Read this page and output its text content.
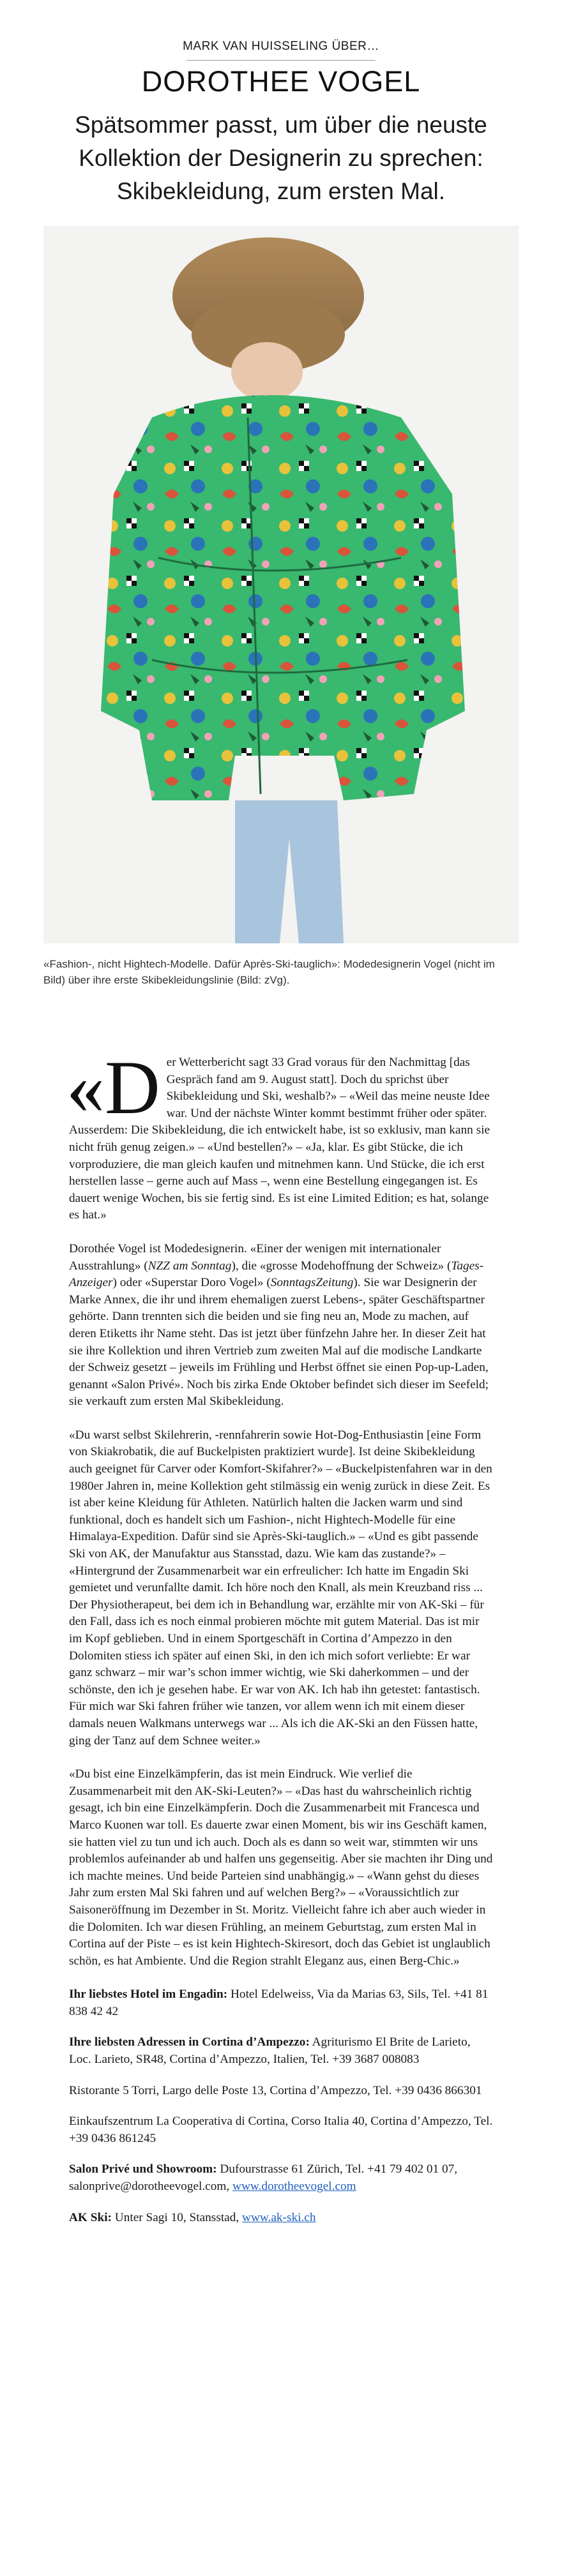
MARK VAN HUISSELING ÜBER…
DOROTHEE VOGEL
Spätsommer passt, um über die neuste Kollektion der Designerin zu sprechen: Skibekleidung, zum ersten Mal.
«Fashion-, nicht Hightech-Modelle. Dafür Après-Ski-tauglich»: Modedesignerin Vogel (nicht im Bild) über ihre erste Skibekleidungslinie (Bild: zVg).

«Der Wetterbericht sagt 33 Grad voraus für den Nachmittag [das Gespräch fand am 9. August statt]. Doch du sprichst über Skibekleidung und Ski, weshalb?» – «Weil das meine neuste Idee war. Und der nächste Winter kommt bestimmt früher oder später. Ausserdem: Die Skibekleidung, die ich entwickelt habe, ist so exklusiv, man kann sie nicht früh genug zeigen.» – «Und bestellen?» – «Ja, klar. Es gibt Stücke, die ich vorproduziere, die man gleich kaufen und mitnehmen kann. Und Stücke, die ich erst herstellen lasse – gerne auch auf Mass –, wenn eine Bestellung eingegangen ist. Es dauert wenige Wochen, bis sie fertig sind. Es ist eine Limited Edition; es hat, solange es hat.»

Dorothée Vogel ist Modedesignerin. «Einer der wenigen mit internationaler Ausstrahlung» (NZZ am Sonntag), die «grosse Modehoffnung der Schweiz» (Tages-Anzeiger) oder «Superstar Doro Vogel» (SonntagsZeitung). Sie war Designerin der Marke Annex, die ihr und ihrem ehemaligen zuerst Lebens-, später Geschäftspartner gehörte. Dann trennten sich die beiden und sie fing neu an, Mode zu machen, auf deren Etiketts ihr Name steht. Das ist jetzt über fünfzehn Jahre her. In dieser Zeit hat sie ihre Kollektion und ihren Vertrieb zum zweiten Mal auf die modische Landkarte der Schweiz gesetzt – jeweils im Frühling und Herbst öffnet sie einen Pop-up-Laden, genannt «Salon Privé». Noch bis zirka Ende Oktober befindet sich dieser im Seefeld; sie verkauft zum ersten Mal Skibekleidung.

«Du warst selbst Skilehrerin, -rennfahrerin sowie Hot-Dog-Enthusiastin [eine Form von Skiakrobatik, die auf Buckelpisten praktiziert wurde]. Ist deine Skibekleidung auch geeignet für Carver oder Komfort-Skifahrer?» – «Buckelpistenfahren war in den 1980er Jahren in, meine Kollektion geht stilmässig ein wenig zurück in diese Zeit. Es ist aber keine Kleidung für Athleten. Natürlich halten die Jacken warm und sind funktional, doch es handelt sich um Fashion-, nicht Hightech-Modelle für eine Himalaya-Expedition. Dafür sind sie Après-Ski-tauglich.» – «Und es gibt passende Ski von AK, der Manufaktur aus Stansstad, dazu. Wie kam das zustande?» – «Hintergrund der Zusammenarbeit war ein erfreulicher: Ich hatte im Engadin Ski gemietet und verunfallte damit. Ich höre noch den Knall, als mein Kreuzband riss ... Der Physiotherapeut, bei dem ich in Behandlung war, erzählte mir von AK-Ski – für den Fall, dass ich es noch einmal probieren möchte mit gutem Material. Das ist mir im Kopf geblieben. Und in einem Sportgeschäft in Cortina d’Ampezzo in den Dolomiten stiess ich später auf einen Ski, in den ich mich sofort verliebte: Er war ganz schwarz – mir war’s schon immer wichtig, wie Ski daherkommen – und der schönste, den ich je gesehen habe. Er war von AK. Ich hab ihn getestet: fantastisch. Für mich war Ski fahren früher wie tanzen, vor allem wenn ich mit einem dieser damals neuen Walkmans unterwegs war ... Als ich die AK-Ski an den Füssen hatte, ging der Tanz auf dem Schnee weiter.»

«Du bist eine Einzelkämpferin, das ist mein Eindruck. Wie verlief die Zusammenarbeit mit den AK-Ski-Leuten?» – «Das hast du wahrscheinlich richtig gesagt, ich bin eine Einzelkämpferin. Doch die Zusammenarbeit mit Francesca und Marco Kuonen war toll. Es dauerte zwar einen Moment, bis wir ins Geschäft kamen, sie hatten viel zu tun und ich auch. Doch als es dann so weit war, stimmten wir uns problemlos aufeinander ab und halfen uns gegenseitig. Aber sie machten ihr Ding und ich machte meines. Und beide Parteien sind unabhängig.» – «Wann gehst du dieses Jahr zum ersten Mal Ski fahren und auf welchen Berg?» – «Voraussichtlich zur Saisoneröffnung im Dezember in St. Moritz. Vielleicht fahre ich aber auch wieder in die Dolomiten. Ich war diesen Frühling, an meinem Geburtstag, zum ersten Mal in Cortina auf der Piste – es ist kein Hightech-Skiresort, doch das Gebiet ist unglaublich schön, es hat Ambiente. Und die Region strahlt Eleganz aus, einen Berg-Chic.»

Ihr liebstes Hotel im Engadin: Hotel Edelweiss, Via da Marias 63, Sils, Tel. +41 81 838 42 42

Ihre liebsten Adressen in Cortina d’Ampezzo: Agriturismo El Brite de Larieto, Loc. Larieto, SR48, Cortina d’Ampezzo, Italien, Tel. +39 3687 008083

Ristorante 5 Torri, Largo delle Poste 13, Cortina d’Ampezzo, Tel. +39 0436 866301

Einkaufszentrum La Cooperativa di Cortina, Corso Italia 40, Cortina d’Ampezzo, Tel. +39 0436 861245

Salon Privé und Showroom: Dufourstrasse 61 Zürich, Tel. +41 79 402 01 07, salonprive@dorotheevogel.com, www.dorotheevogel.com

AK Ski: Unter Sagi 10, Stansstad, www.ak-ski.ch
